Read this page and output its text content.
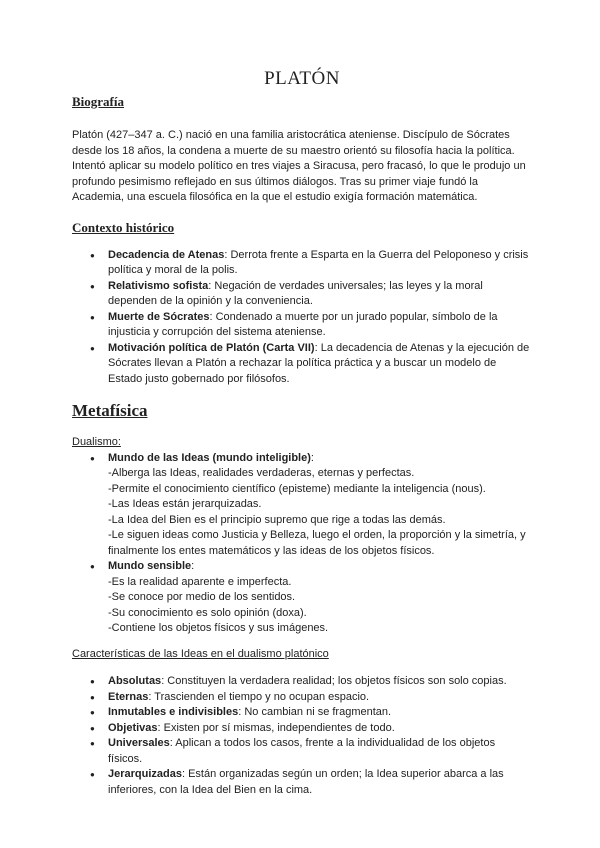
PLATÓN
Biografía

Platón (427–347 a. C.) nació en una familia aristocrática ateniense. Discípulo de Sócrates desde los 18 años, la condena a muerte de su maestro orientó su filosofía hacia la política. Intentó aplicar su modelo político en tres viajes a Siracusa, pero fracasó, lo que le produjo un profundo pesimismo reflejado en sus últimos diálogos. Tras su primer viaje fundó la Academia, una escuela filosófica en la que el estudio exigía formación matemática.

Contexto histórico
● Decadencia de Atenas: Derrota frente a Esparta en la Guerra del Peloponeso y crisis política y moral de la polis.
● Relativismo sofista: Negación de verdades universales; las leyes y la moral dependen de la opinión y la conveniencia.
● Muerte de Sócrates: Condenado a muerte por un jurado popular, símbolo de la injusticia y corrupción del sistema ateniense.
● Motivación política de Platón (Carta VII): La decadencia de Atenas y la ejecución de Sócrates llevan a Platón a rechazar la política práctica y a buscar un modelo de Estado justo gobernado por filósofos.
Metafísica
Dualismo:
● Mundo de las Ideas (mundo inteligible):
-Alberga las Ideas, realidades verdaderas, eternas y perfectas.
-Permite el conocimiento científico (episteme) mediante la inteligencia (nous).
-Las Ideas están jerarquizadas.
-La Idea del Bien es el principio supremo que rige a todas las demás.
-Le siguen ideas como Justicia y Belleza, luego el orden, la proporción y la simetría, y finalmente los entes matemáticos y las ideas de los objetos físicos.
● Mundo sensible:
-Es la realidad aparente e imperfecta.
-Se conoce por medio de los sentidos.
-Su conocimiento es solo opinión (doxa).
-Contiene los objetos físicos y sus imágenes.
Características de las Ideas en el dualismo platónico
● Absolutas: Constituyen la verdadera realidad; los objetos físicos son solo copias.
● Eternas: Trascienden el tiempo y no ocupan espacio.
● Inmutables e indivisibles: No cambian ni se fragmentan.
● Objetivas: Existen por sí mismas, independientes de todo.
● Universales: Aplican a todos los casos, frente a la individualidad de los objetos físicos.
● Jerarquizadas: Están organizadas según un orden; la Idea superior abarca a las inferiores, con la Idea del Bien en la cima.
